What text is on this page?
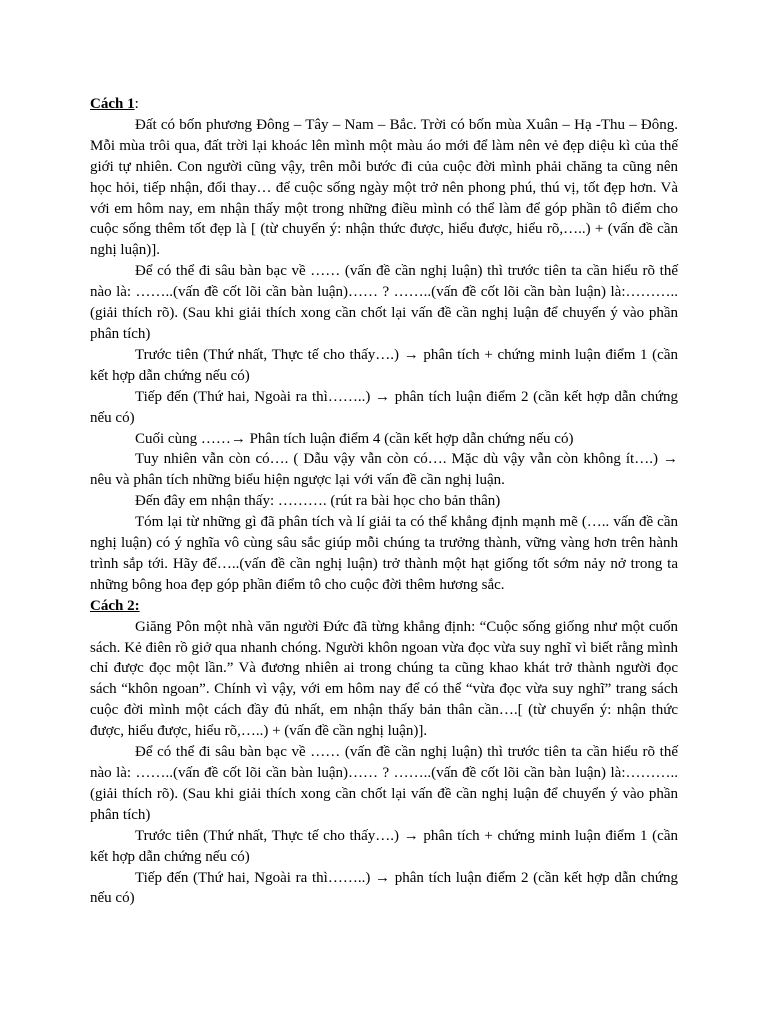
Cách 1:

Đất có bốn phương Đông – Tây – Nam – Bắc. Trời có bốn mùa Xuân – Hạ -Thu – Đông. Mỗi mùa trôi qua, đất trời lại khoác lên mình một màu áo mới để làm nên vẻ đẹp diệu kì của thế giới tự nhiên. Con người cũng vậy, trên mỗi bước đi của cuộc đời mình phải chăng ta cũng nên học hỏi, tiếp nhận, đổi thay… để cuộc sống ngày một trở nên phong phú, thú vị, tốt đẹp hơn. Và với em hôm nay, em nhận thấy một trong những điều mình có thể làm để góp phần tô điểm cho cuộc sống thêm tốt đẹp là [ (từ chuyển ý: nhận thức được, hiểu được, hiểu rõ,…..) + (vấn đề cần nghị luận)].

Để có thể đi sâu bàn bạc về …… (vấn đề cần nghị luận) thì trước tiên ta cần hiểu rõ thế nào là: ……..(vấn đề cốt lõi cần bàn luận)…… ? ……..(vấn đề cốt lõi cần bàn luận) là:………..(giải thích rõ). (Sau khi giải thích xong cần chốt lại vấn đề cần nghị luận để chuyển ý vào phần phân tích)

Trước tiên (Thứ nhất, Thực tế cho thấy….) → phân tích + chứng minh luận điểm 1 (cần kết hợp dẫn chứng nếu có)

Tiếp đến (Thứ hai, Ngoài ra thì……..) → phân tích luận điểm 2 (cần kết hợp dẫn chứng nếu có)

Cuối cùng ……→ Phân tích luận điểm 4 (cần kết hợp dẫn chứng nếu có)

Tuy nhiên vẫn còn có…. ( Dẫu vậy vẫn còn có…. Mặc dù vậy vẫn còn không ít….) → nêu và phân tích những biểu hiện ngược lại với vấn đề cần nghị luận.

Đến đây em nhận thấy: ………. (rút ra bài học cho bản thân)

Tóm lại từ những gì đã phân tích và lí giải ta có thể khẳng định mạnh mẽ (….. vấn đề cần nghị luận) có ý nghĩa vô cùng sâu sắc giúp mỗi chúng ta trưởng thành, vững vàng hơn trên hành trình sắp tới. Hãy để…..(vấn đề cần nghị luận) trở thành một hạt giống tốt sớm nảy nở trong ta những bông hoa đẹp góp phần điểm tô cho cuộc đời thêm hương sắc.

Cách 2:

Giăng Pôn một nhà văn người Đức đã từng khẳng định: “Cuộc sống giống như một cuốn sách. Kẻ điên rồ giở qua nhanh chóng. Người khôn ngoan vừa đọc vừa suy nghĩ vì biết rằng mình chỉ được đọc một lần.” Và đương nhiên ai trong chúng ta cũng khao khát trở thành người đọc sách “khôn ngoan”. Chính vì vậy, với em hôm nay để có thể “vừa đọc vừa suy nghĩ” trang sách cuộc đời mình một cách đầy đủ nhất, em nhận thấy bản thân cần….[ (từ chuyển ý: nhận thức được, hiểu được, hiểu rõ,…..) + (vấn đề cần nghị luận)].

Để có thể đi sâu bàn bạc về …… (vấn đề cần nghị luận) thì trước tiên ta cần hiểu rõ thế nào là: ……..(vấn đề cốt lõi cần bàn luận)…… ? ……..(vấn đề cốt lõi cần bàn luận) là:………..(giải thích rõ). (Sau khi giải thích xong cần chốt lại vấn đề cần nghị luận để chuyển ý vào phần phân tích)

Trước tiên (Thứ nhất, Thực tế cho thấy….) → phân tích + chứng minh luận điểm 1 (cần kết hợp dẫn chứng nếu có)

Tiếp đến (Thứ hai, Ngoài ra thì……..) → phân tích luận điểm 2 (cần kết hợp dẫn chứng nếu có)
